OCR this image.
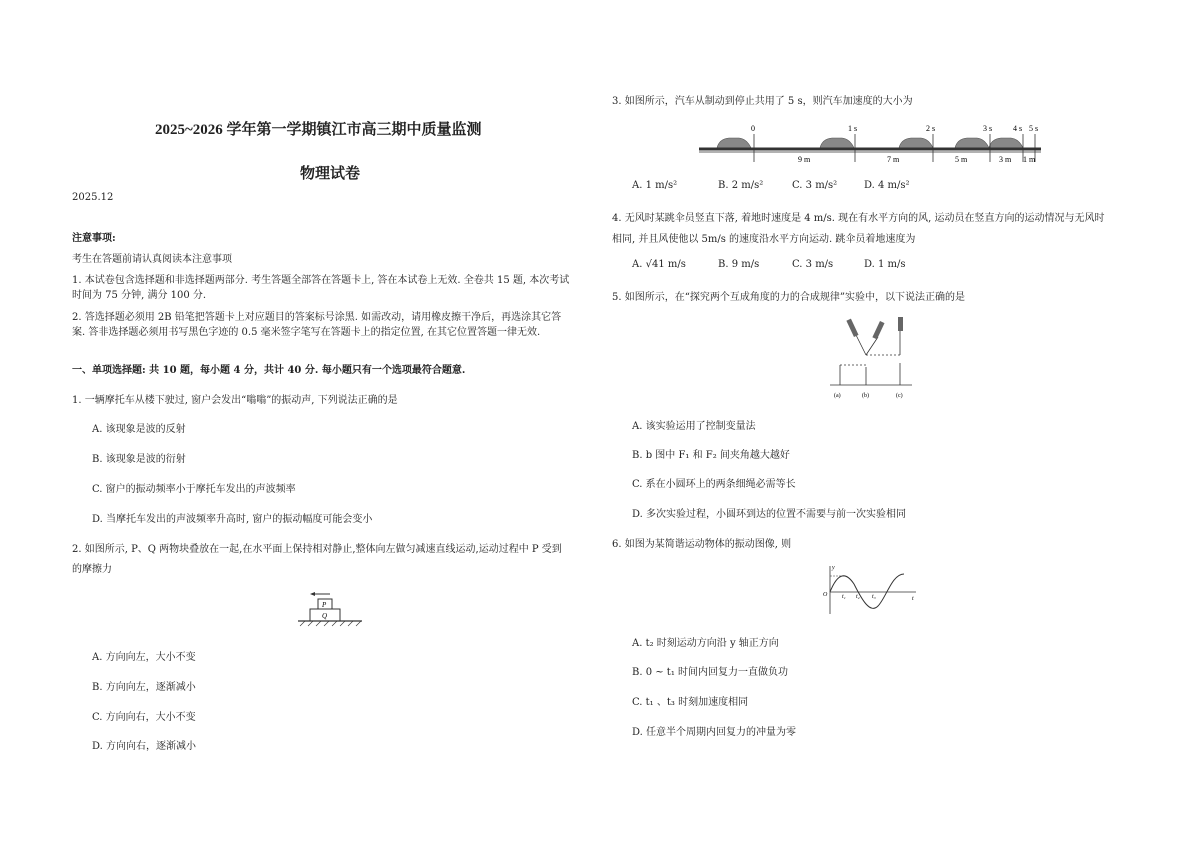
2025~2026 学年第一学期镇江市高三期中质量监测
物理试卷
2025.12
注意事项:
考生在答题前请认真阅读本注意事项
1. 本试卷包含选择题和非选择题两部分. 考生答题全部答在答题卡上, 答在本试卷上无效. 全卷共 15 题, 本次考试
时间为 75 分钟, 满分 100 分.
2. 答选择题必须用 2B 铅笔把答题卡上对应题目的答案标号涂黑. 如需改动，请用橡皮擦干净后，再选涂其它答
案. 答非选择题必须用书写黑色字迹的 0.5 毫米签字笔写在答题卡上的指定位置, 在其它位置答题一律无效.
一、单项选择题: 共 10 题，每小题 4 分，共计 40 分. 每小题只有一个选项最符合题意.
1. 一辆摩托车从楼下驶过, 窗户会发出“嗡嗡”的振动声, 下列说法正确的是
A. 该现象是波的反射
B. 该现象是波的衍射
C. 窗户的振动频率小于摩托车发出的声波频率
D. 当摩托车发出的声波频率升高时, 窗户的振动幅度可能会变小
2. 如图所示, P、Q 两物块叠放在一起,在水平面上保持相对静止,整体向左做匀减速直线运动,运动过程中 P 受到
的摩擦力
P
Q
A. 方向向左，大小不变
B. 方向向左，逐渐减小
C. 方向向右，大小不变
D. 方向向右，逐渐减小
3. 如图所示，汽车从制动到停止共用了 5 s，则汽车加速度的大小为
0	1 s	2 s	3 s	4 s 5 s
9 m	7 m	5 m	3 m 1 m
A. 1 m/s²	B. 2 m/s²	C. 3 m/s²	D. 4 m/s²
4. 无风时某跳伞员竖直下落, 着地时速度是 4 m/s. 现在有水平方向的风, 运动员在竖直方向的运动情况与无风时
相同, 并且风使他以 5m/s 的速度沿水平方向运动. 跳伞员着地速度为
A. √41 m/s	B. 9 m/s	C. 3 m/s	D. 1 m/s
5. 如图所示，在“探究两个互成角度的力的合成规律”实验中，以下说法正确的是
(a)	(b)	(c)
A. 该实验运用了控制变量法
B. b 图中 F₁ 和 F₂ 间夹角越大越好
C. 系在小圆环上的两条细绳必需等长
D. 多次实验过程，小圆环到达的位置不需要与前一次实验相同
6. 如图为某简谐运动物体的振动图像, 则
y
O
t
t₁ t₂ t₃
A. t₂ 时刻运动方向沿 y 轴正方向
B. 0 ~ t₁ 时间内回复力一直做负功
C. t₁ 、t₃ 时刻加速度相同
D. 任意半个周期内回复力的冲量为零
